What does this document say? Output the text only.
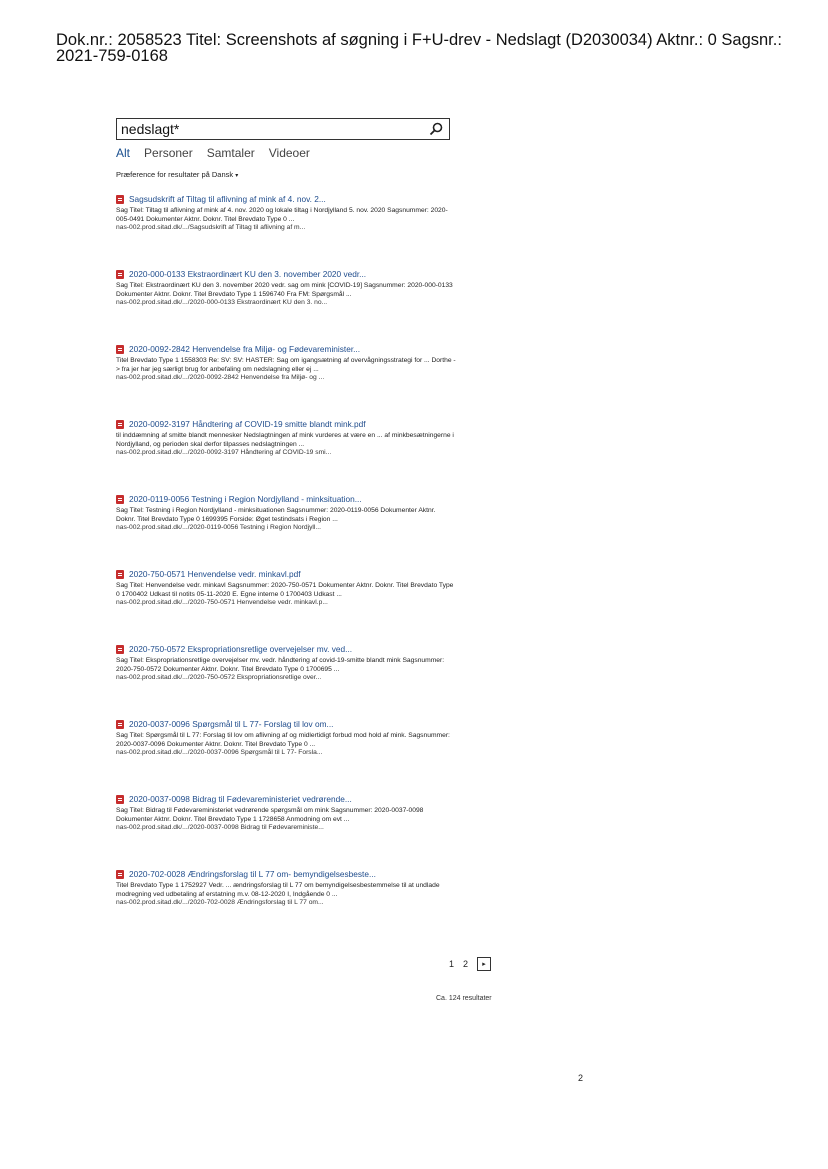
Dok.nr.: 2058523 Titel: Screenshots af søgning i F+U-drev - Nedslagt (D2030034) Aktnr.: 0 Sagsnr.:
2021-759-0168
nedslagt*
Alt Personer Samtaler Videoer
Præference for resultater på Dansk ▾
Sagsudskrift af Tiltag til aflivning af mink af 4. nov. 2...
Sag Titel: Tiltag til aflivning af mink af 4. nov. 2020 og lokale tiltag i Nordjylland 5. nov. 2020 Sagsnummer: 2020-005-0491 Dokumenter Aktnr. Doknr. Titel Brevdato Type 0 ...
nas-002.prod.sitad.dk/.../Sagsudskrift af Tiltag til aflivning af m...
2020-000-0133 Ekstraordinært KU den 3. november 2020 vedr...
Sag Titel: Ekstraordinært KU den 3. november 2020 vedr. sag om mink [COVID-19] Sagsnummer: 2020-000-0133 Dokumenter Aktnr. Doknr. Titel Brevdato Type 1 1596740 Fra FM: Spørgsmål ...
nas-002.prod.sitad.dk/.../2020-000-0133 Ekstraordinært KU den 3. no...
2020-0092-2842 Henvendelse fra Miljø- og Fødevareminister...
Titel Brevdato Type 1 1558303 Re: SV: SV: HASTER: Sag om igangsætning af overvågningsstrategi for ... Dorthe -> fra jer har jeg særligt brug for anbefaling om nedslagning eller ej ...
nas-002.prod.sitad.dk/.../2020-0092-2842 Henvendelse fra Miljø- og ...
2020-0092-3197 Håndtering af COVID-19 smitte blandt mink.pdf
til inddæmning af smitte blandt mennesker Nedslagtningen af mink vurderes at være en ... af minkbesætningerne i Nordjylland, og perioden skal derfor tilpasses nedslagtningen ...
nas-002.prod.sitad.dk/.../2020-0092-3197 Håndtering af COVID-19 smi...
2020-0119-0056 Testning i Region Nordjylland - minksituation...
Sag Titel: Testning i Region Nordjylland - minksituationen Sagsnummer: 2020-0119-0056 Dokumenter Aktnr. Doknr. Titel Brevdato Type 0 1699395 Forside: Øget testindsats i Region ...
nas-002.prod.sitad.dk/.../2020-0119-0056 Testning i Region Nordjyll...
2020-750-0571 Henvendelse vedr. minkavl.pdf
Sag Titel: Henvendelse vedr. minkavl Sagsnummer: 2020-750-0571 Dokumenter Aktnr. Doknr. Titel Brevdato Type 0 1700402 Udkast til notits 05-11-2020 E. Egne interne 0 1700403 Udkast ...
nas-002.prod.sitad.dk/.../2020-750-0571 Henvendelse vedr. minkavl.p...
2020-750-0572 Ekspropriationsretlige overvejelser mv. ved...
Sag Titel: Ekspropriationsretlige overvejelser mv. vedr. håndtering af covid-19-smitte blandt mink Sagsnummer: 2020-750-0572 Dokumenter Aktnr. Doknr. Titel Brevdato Type 0 1700695 ...
nas-002.prod.sitad.dk/.../2020-750-0572 Ekspropriationsretlige over...
2020-0037-0096 Spørgsmål til L 77- Forslag til lov om...
Sag Titel: Spørgsmål til L 77: Forslag til lov om aflivning af og midlertidigt forbud mod hold af mink. Sagsnummer: 2020-0037-0096 Dokumenter Aktnr. Doknr. Titel Brevdato Type 0 ...
nas-002.prod.sitad.dk/.../2020-0037-0096 Spørgsmål til L 77- Forsla...
2020-0037-0098 Bidrag til Fødevareministeriet vedrørende...
Sag Titel: Bidrag til Fødevareministeriet vedrørende spørgsmål om mink Sagsnummer: 2020-0037-0098 Dokumenter Aktnr. Doknr. Titel Brevdato Type 1 1728658 Anmodning om evt ...
nas-002.prod.sitad.dk/.../2020-0037-0098 Bidrag til Fødevareministe...
2020-702-0028 Ændringsforslag til L 77 om- bemyndigelsesbeste...
Titel Brevdato Type 1 1752927 Vedr. ... ændringsforslag til L 77 om bemyndigelsesbestemmelse til at undlade modregning ved udbetaling af erstatning m.v. 08-12-2020 I, Indgående 0 ...
nas-002.prod.sitad.dk/.../2020-702-0028 Ændringsforslag til L 77 om...
1 2	▸
Ca. 124 resultater
2
